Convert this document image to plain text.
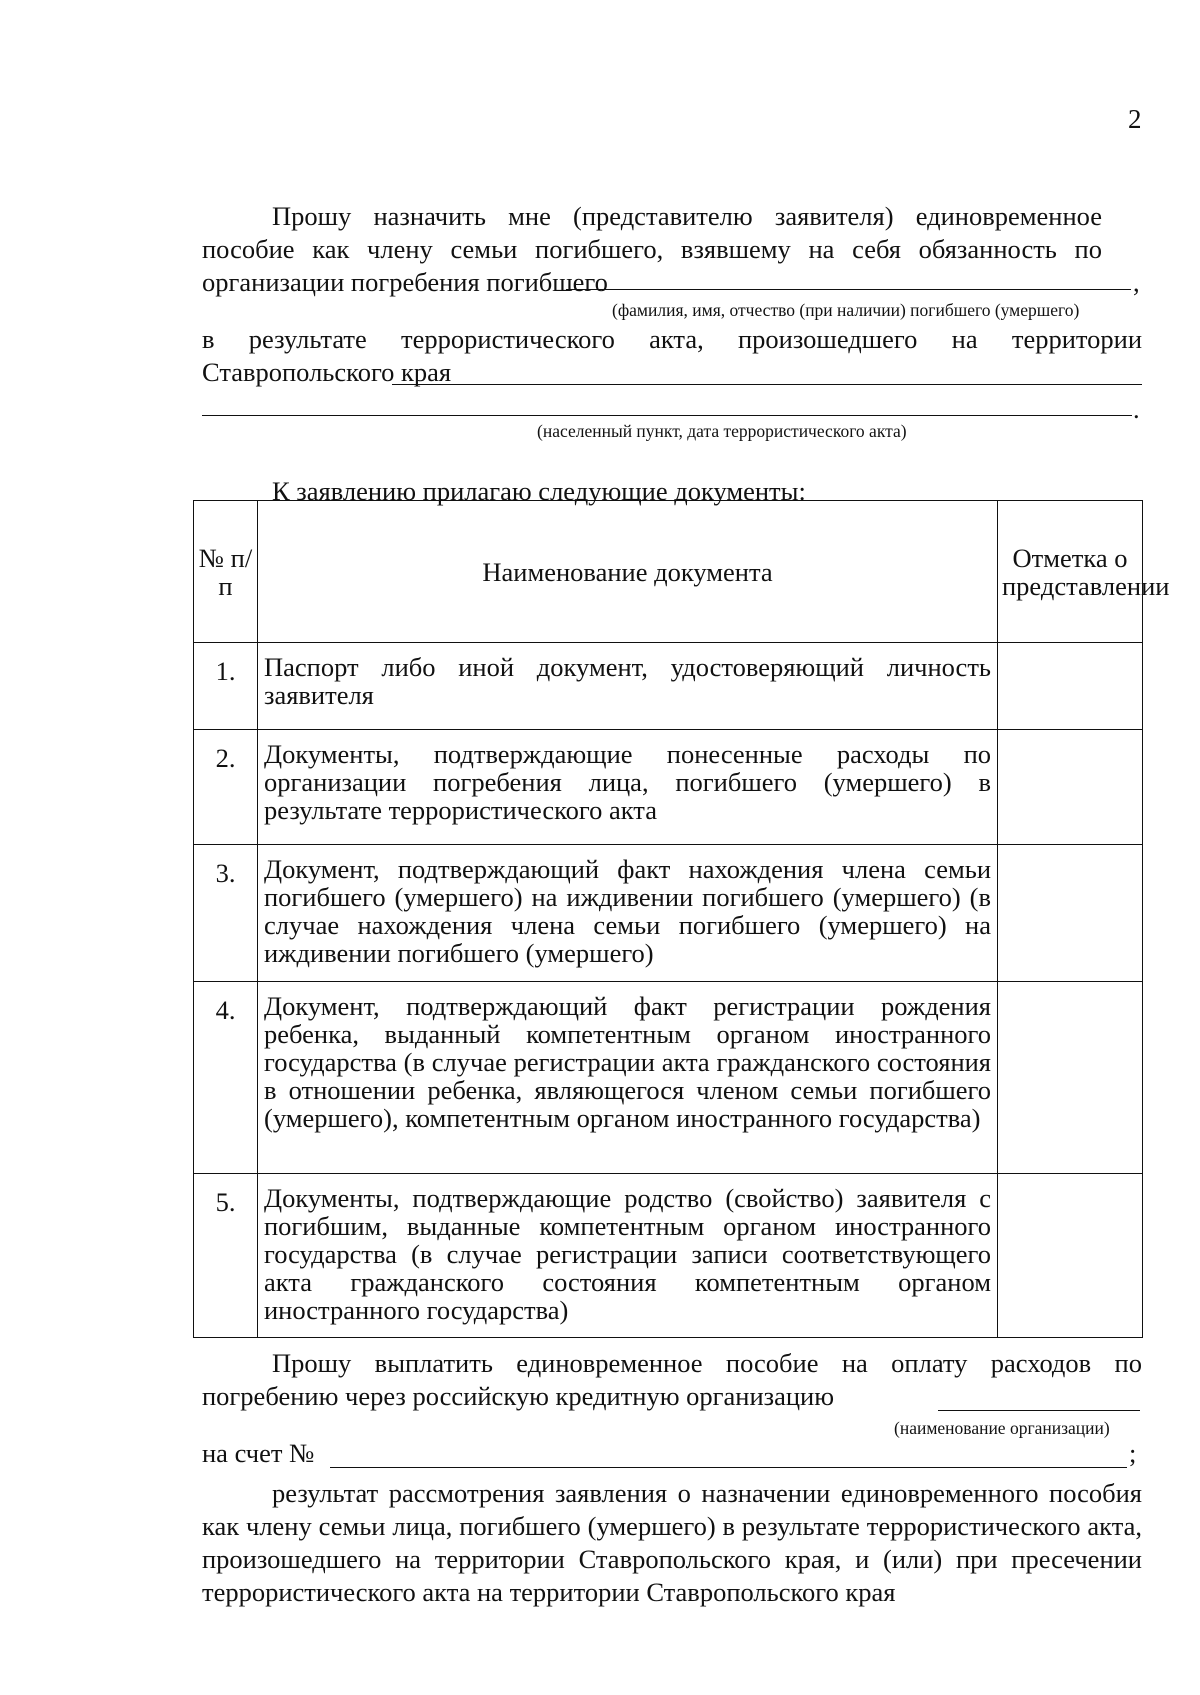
2
Прошу назначить мне (представителю заявителя) единовременное пособие как члену семьи погибшего, взявшему на себя обязанность по организации погребения погибшего	,
(фамилия, имя, отчество (при наличии) погибшего (умершего)
в результате террористического акта, произошедшего на территории Ставропольского края
.
(населенный пункт, дата террористического акта)
К заявлению прилагаю следующие документы:
№ п/п	Наименование документа	Отметка о представлении
1.	Паспорт либо иной документ, удостоверяющий личность заявителя	
2.	Документы, подтверждающие понесенные расходы по организации погребения лица, погибшего (умершего) в результате террористического акта	
3.	Документ, подтверждающий факт нахождения члена семьи погибшего (умершего) на иждивении погибшего (умершего) (в случае нахождения члена семьи погибшего (умершего) на иждивении погибшего (умершего)	
4.	Документ, подтверждающий факт регистрации рождения ребенка, выданный компетентным органом иностранного государства (в случае регистрации акта гражданского состояния в отношении ребенка, являющегося членом семьи погибшего (умершего), компетентным органом иностранного государства)	
5.	Документы, подтверждающие родство (свойство) заявителя с погибшим, выданные компетентным органом иностранного государства (в случае регистрации записи соответствующего акта гражданского состояния компетентным органом иностранного государства)	
Прошу выплатить единовременное пособие на оплату расходов по погребению через российскую кредитную организацию
(наименование организации)
на счет №	;
результат рассмотрения заявления о назначении единовременного пособия как члену семьи лица, погибшего (умершего) в результате террористического акта, произошедшего на территории Ставропольского края, и (или) при пресечении террористического акта на территории Ставропольского края
